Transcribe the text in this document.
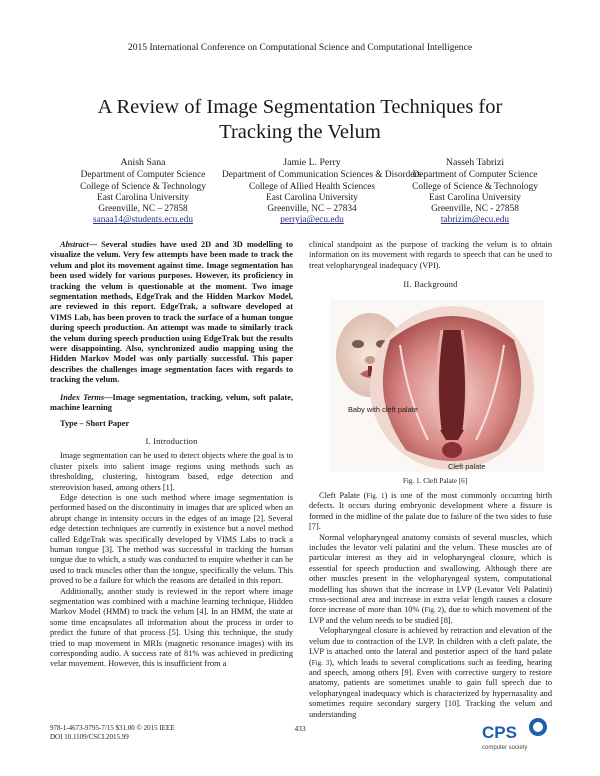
2015 International Conference on Computational Science and Computational Intelligence
A Review of Image Segmentation Techniques for
Tracking the Velum
Anish Sana
Department of Computer Science
College of Science & Technology
East Carolina University
Greenville, NC – 27858
sanaa14@students.ecu.edu
Jamie L. Perry
Department of Communication Sciences & Disorders
College of Allied Health Sciences
East Carolina University
Greenville, NC – 27834
perryja@ecu.edu
Nasseh Tabrizi
Department of Computer Science
College of Science & Technology
East Carolina University
Greenville, NC - 27858
tabrizim@ecu.edu

Abstract— Several studies have used 2D and 3D modelling to visualize the velum. Very few attempts have been made to track the velum and plot its movement against time. Image segmentation has been used widely for various purposes. However, its proficiency in tracking the velum is questionable at the moment. Two image segmentation methods, EdgeTrak and the Hidden Markov Model, are reviewed in this report. EdgeTrak, a software developed at VIMS Lab, has been proven to track the surface of a human tongue during speech production. An attempt was made to similarly track the velum during speech production using EdgeTrak but the results were disappointing. Also, synchronized audio mapping using the Hidden Markov Model was only partially successful. This paper describes the challenges image segmentation faces with regards to tracking the velum.

Index Terms—Image segmentation, tracking, velum, soft palate, machine learning

Type – Short Paper

I. Introduction

Image segmentation can be used to detect objects where the goal is to cluster pixels into salient image regions using methods such as thresholding, clustering, histogram based, edge detection and stereovision based, among others [1].

Edge detection is one such method where image segmentation is performed based on the discontinuity in images that are spliced when an abrupt change in intensity occurs in the edges of an image [2]. Several edge detection techniques are currently in existence but a novel method called EdgeTrak was specifically developed by VIMS Labs to track a human tongue [3]. The method was successful in tracking the human tongue due to which, a study was conducted to enquire whether it can be used to track muscles other than the tongue, specifically the velum. This proved to be a failure for which the reasons are detailed in this report.

Additionally, another study is reviewed in the report where image segmentation was combined with a machine learning technique, Hidden Markov Model (HMM) to track the velum [4]. In an HMM, the state at some time encapsulates all information about the process in order to predict the future of that process [5]. Using this technique, the study tried to map movement in MRIs (magnetic resonance images) with its corresponding audio. A success rate of 81% was achieved in predicting velar movement. However, this is insufficient from a

clinical standpoint as the purpose of tracking the velum is to obtain information on its movement with regards to speech that can be used to treat velopharyngeal inadequacy (VPI).

II. Background

Baby with cleft palate
Cleft palate
Fig. 1. Cleft Palate [6]

Cleft Palate (Fig. 1) is one of the most commonly occurring birth defects. It occurs during embryonic development where a fissure is formed in the midline of the palate due to failure of the two sides to fuse [7].

Normal velopharyngeal anatomy consists of several muscles, which includes the levator veli palatini and the velum. These muscles are of particular interest as they aid in velopharyngeal closure, which is essential for speech production and swallowing. Although there are other muscles present in the velopharyngeal system, computational modelling has shown that the increase in LVP (Levator Veli Palatini) cross-sectional area and increase in extra velar length causes a closure force increase of more than 10% (Fig. 2), due to which movement of the LVP and the velum needs to be studied [8].

Velopharyngeal closure is achieved by retraction and elevation of the velum due to contraction of the LVP. In children with a cleft palate, the LVP is attached onto the lateral and posterior aspect of the hard palate (Fig. 3), which leads to several complications such as feeding, hearing and speech, among others [9]. Even with corrective surgery to restore anatomy, patients are sometimes unable to gain full speech due to velopharyngeal inadequacy which is characterized by hypernasality and sometimes require secondary surgery [10]. Tracking the velum and understanding

978-1-4673-9795-7/15 $31.00 © 2015 IEEE
DOI 10.1109/CSCI.2015.99
433	CPS
computer society
